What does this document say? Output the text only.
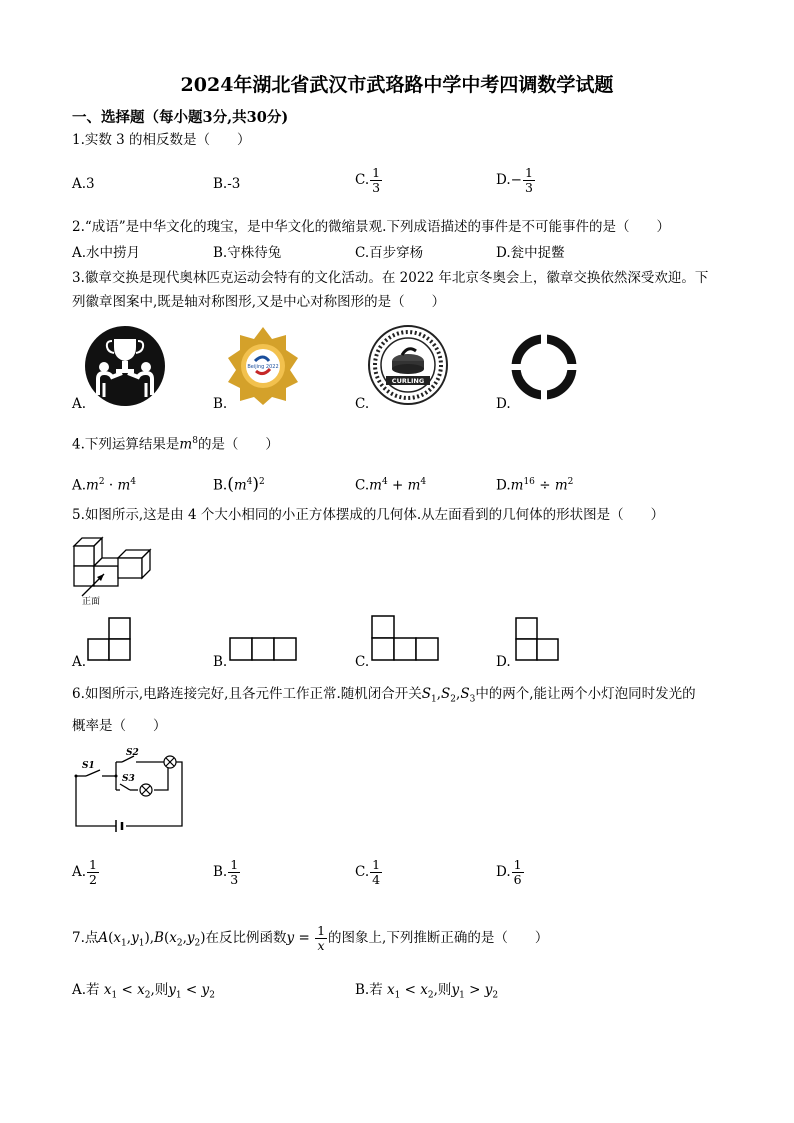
2024年湖北省武汉市武珞路中学中考四调数学试题
一、选择题（每小题3分,共30分)
1.实数 3 的相反数是（　　）
A.3	B.-3	C. $\frac{1}{3}$	$D.- \frac{1}{3}$
2.“成语”是中华文化的瑰宝，是中华文化的微缩景观.下列成语描述的事件是不可能事件的是（　　）
A.水中捞月	B.守株待兔	C.百步穿杨	D.瓮中捉鳖
3.徽章交换是现代奥林匹克运动会特有的文化活动。在 2022 年北京冬奥会上，徽章交换依然深受欢迎。下
列徽章图案中,既是轴对称图形,又是中心对称图形的是（　　）
A.	B.	C.	D.
Beijing 2022
CURLING
4.下列运算结果是$m^8$的是（　　）
$A.m^2 \cdot m^4$	$B.(m^4)^2$	$C.m^4 + m^4$	$D.m^{16} \div m^2$
5.如图所示,这是由 4 个大小相同的小正方体摆成的几何体.从左面看到的几何体的形状图是（　　）
正面
A.	B.	C.	D.
6.如图所示,电路连接完好,且各元件工作正常.随机闭合开关$S_1,S_2,S_3$中的两个,能让两个小灯泡同时发光的
概率是（　　）
S1
S2
S3
A. $\frac{1}{2}$	B. $\frac{1}{3}$	C. $\frac{1}{4}$	D. $\frac{1}{6}$
7.点$A(x_1,y_1),B(x_2,y_2)$在反比例函数$y = \frac{1}{x}$ 的图象上,下列推断正确的是（　　）
A.若 $x_1 < x_2$,则$y_1 < y_2$	B.若 $x_1 < x_2$,则$y_1 > y_2$
